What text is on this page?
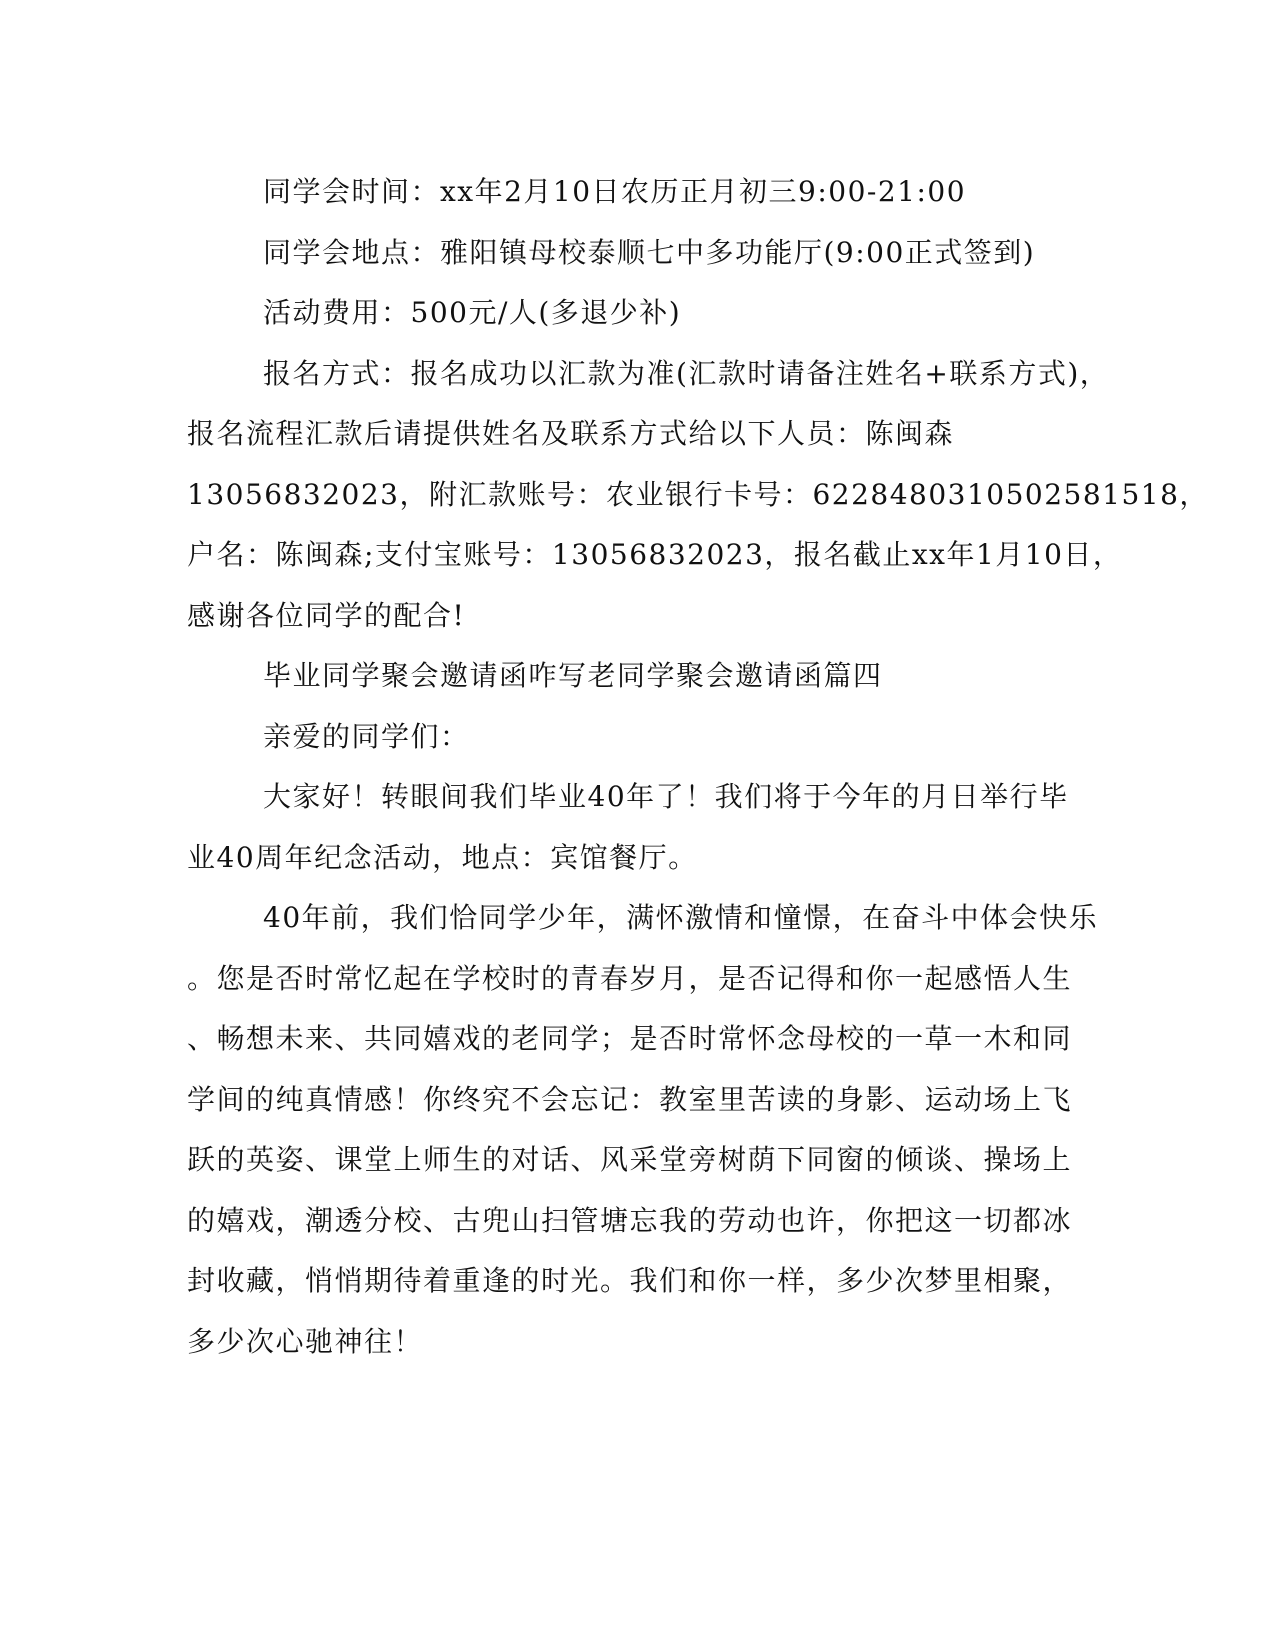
同学会时间：xx年2月10日农历正月初三9:00-21:00
同学会地点：雅阳镇母校泰顺七中多功能厅(9:00正式签到)
活动费用：500元/人(多退少补)
报名方式：报名成功以汇款为准(汇款时请备注姓名+联系方式)，
报名流程汇款后请提供姓名及联系方式给以下人员：陈闽森
13056832023，附汇款账号：农业银行卡号：6228480310502581518，
户名：陈闽森;支付宝账号：13056832023，报名截止xx年1月10日，
感谢各位同学的配合!
毕业同学聚会邀请函咋写老同学聚会邀请函篇四
亲爱的同学们：
大家好！转眼间我们毕业40年了！我们将于今年的月日举行毕
业40周年纪念活动，地点：宾馆餐厅。
40年前，我们恰同学少年，满怀激情和憧憬，在奋斗中体会快乐
。您是否时常忆起在学校时的青春岁月，是否记得和你一起感悟人生
、畅想未来、共同嬉戏的老同学；是否时常怀念母校的一草一木和同
学间的纯真情感！你终究不会忘记：教室里苦读的身影、运动场上飞
跃的英姿、课堂上师生的对话、风采堂旁树荫下同窗的倾谈、操场上
的嬉戏，潮透分校、古兜山扫管塘忘我的劳动也许，你把这一切都冰
封收藏，悄悄期待着重逢的时光。我们和你一样，多少次梦里相聚，
多少次心驰神往！
